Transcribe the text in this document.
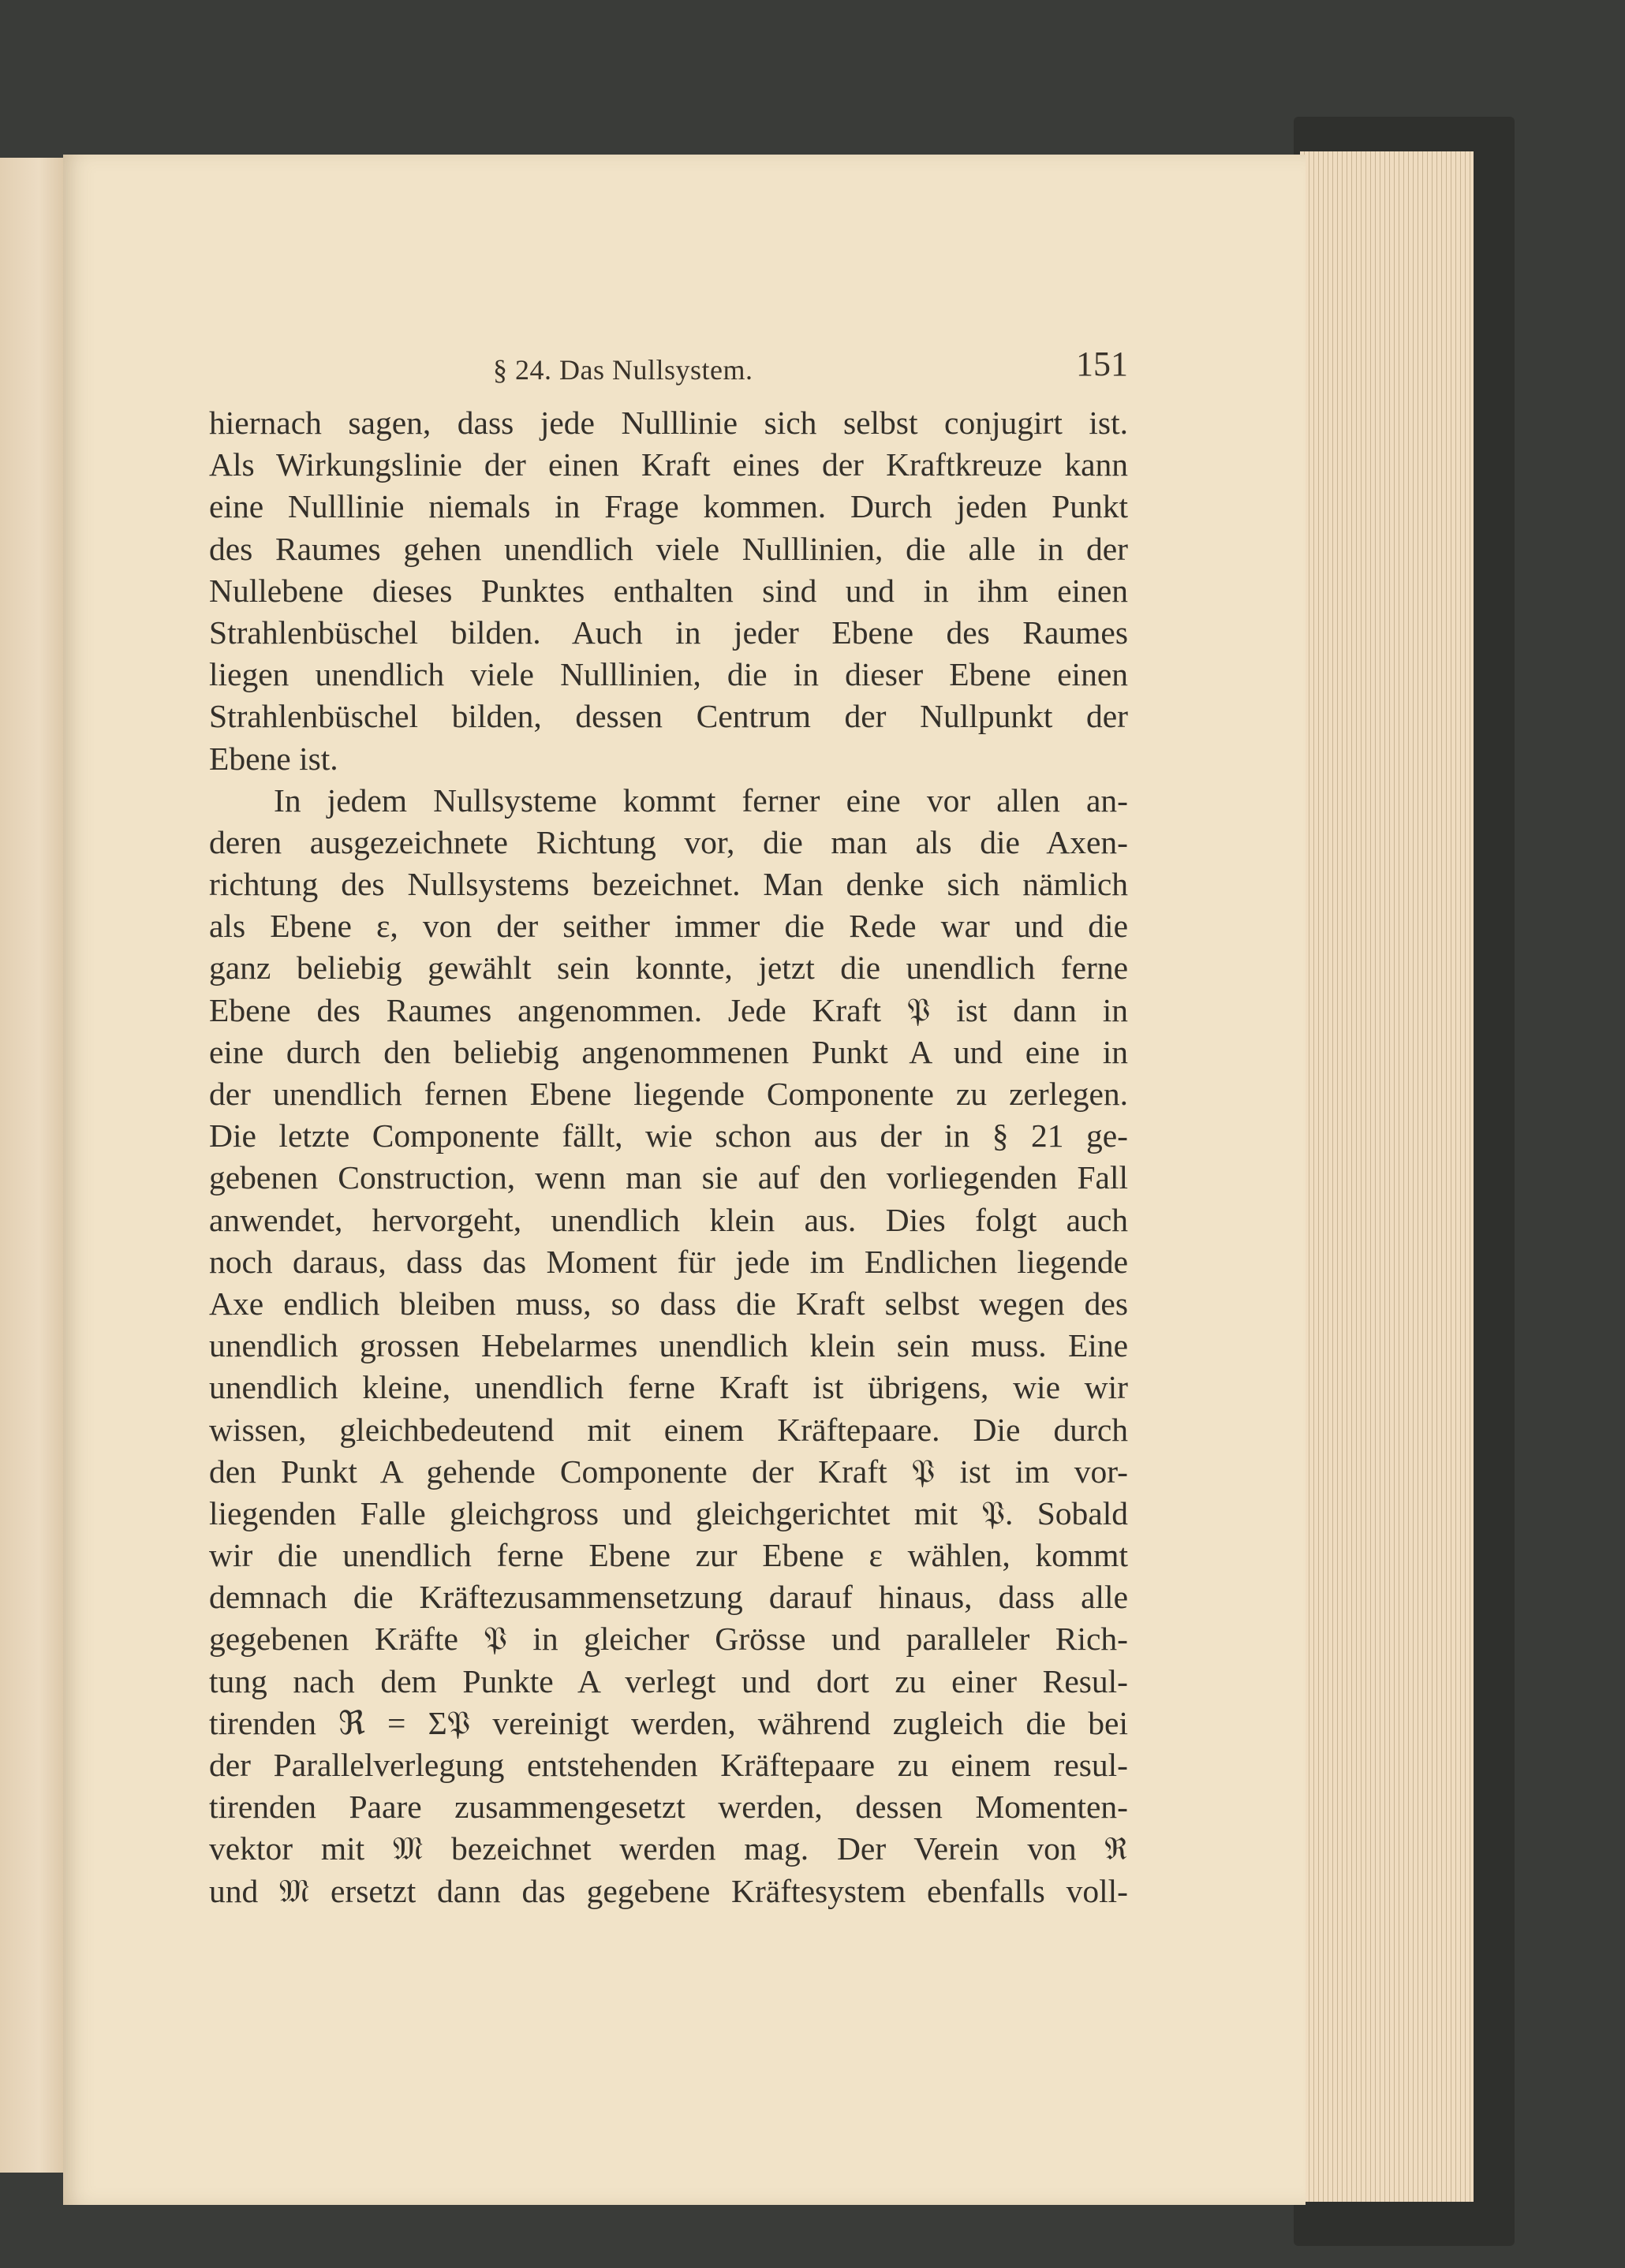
§ 24. Das Nullsystem.	151
hiernach sagen, dass jede Nulllinie sich selbst conjugirt ist.
Als Wirkungslinie der einen Kraft eines der Kraftkreuze kann
eine Nulllinie niemals in Frage kommen. Durch jeden Punkt
des Raumes gehen unendlich viele Nulllinien, die alle in der
Nullebene dieses Punktes enthalten sind und in ihm einen
Strahlenbüschel bilden. Auch in jeder Ebene des Raumes
liegen unendlich viele Nulllinien, die in dieser Ebene einen
Strahlenbüschel bilden, dessen Centrum der Nullpunkt der
Ebene ist.
In jedem Nullsysteme kommt ferner eine vor allen an-
deren ausgezeichnete Richtung vor, die man als die Axen-
richtung des Nullsystems bezeichnet. Man denke sich nämlich
als Ebene ε, von der seither immer die Rede war und die
ganz beliebig gewählt sein konnte, jetzt die unendlich ferne
Ebene des Raumes angenommen. Jede Kraft 𝔓 ist dann in
eine durch den beliebig angenommenen Punkt A und eine in
der unendlich fernen Ebene liegende Componente zu zerlegen.
Die letzte Componente fällt, wie schon aus der in § 21 ge-
gebenen Construction, wenn man sie auf den vorliegenden Fall
anwendet, hervorgeht, unendlich klein aus. Dies folgt auch
noch daraus, dass das Moment für jede im Endlichen liegende
Axe endlich bleiben muss, so dass die Kraft selbst wegen des
unendlich grossen Hebelarmes unendlich klein sein muss. Eine
unendlich kleine, unendlich ferne Kraft ist übrigens, wie wir
wissen, gleichbedeutend mit einem Kräftepaare. Die durch
den Punkt A gehende Componente der Kraft 𝔓 ist im vor-
liegenden Falle gleichgross und gleichgerichtet mit 𝔓. Sobald
wir die unendlich ferne Ebene zur Ebene ε wählen, kommt
demnach die Kräftezusammensetzung darauf hinaus, dass alle
gegebenen Kräfte 𝔓 in gleicher Grösse und paralleler Rich-
tung nach dem Punkte A verlegt und dort zu einer Resul-
tirenden ℜ = Σ𝔓 vereinigt werden, während zugleich die bei
der Parallelverlegung entstehenden Kräftepaare zu einem resul-
tirenden Paare zusammengesetzt werden, dessen Momenten-
vektor mit 𝔐 bezeichnet werden mag. Der Verein von ℜ
und 𝔐 ersetzt dann das gegebene Kräftesystem ebenfalls voll-
